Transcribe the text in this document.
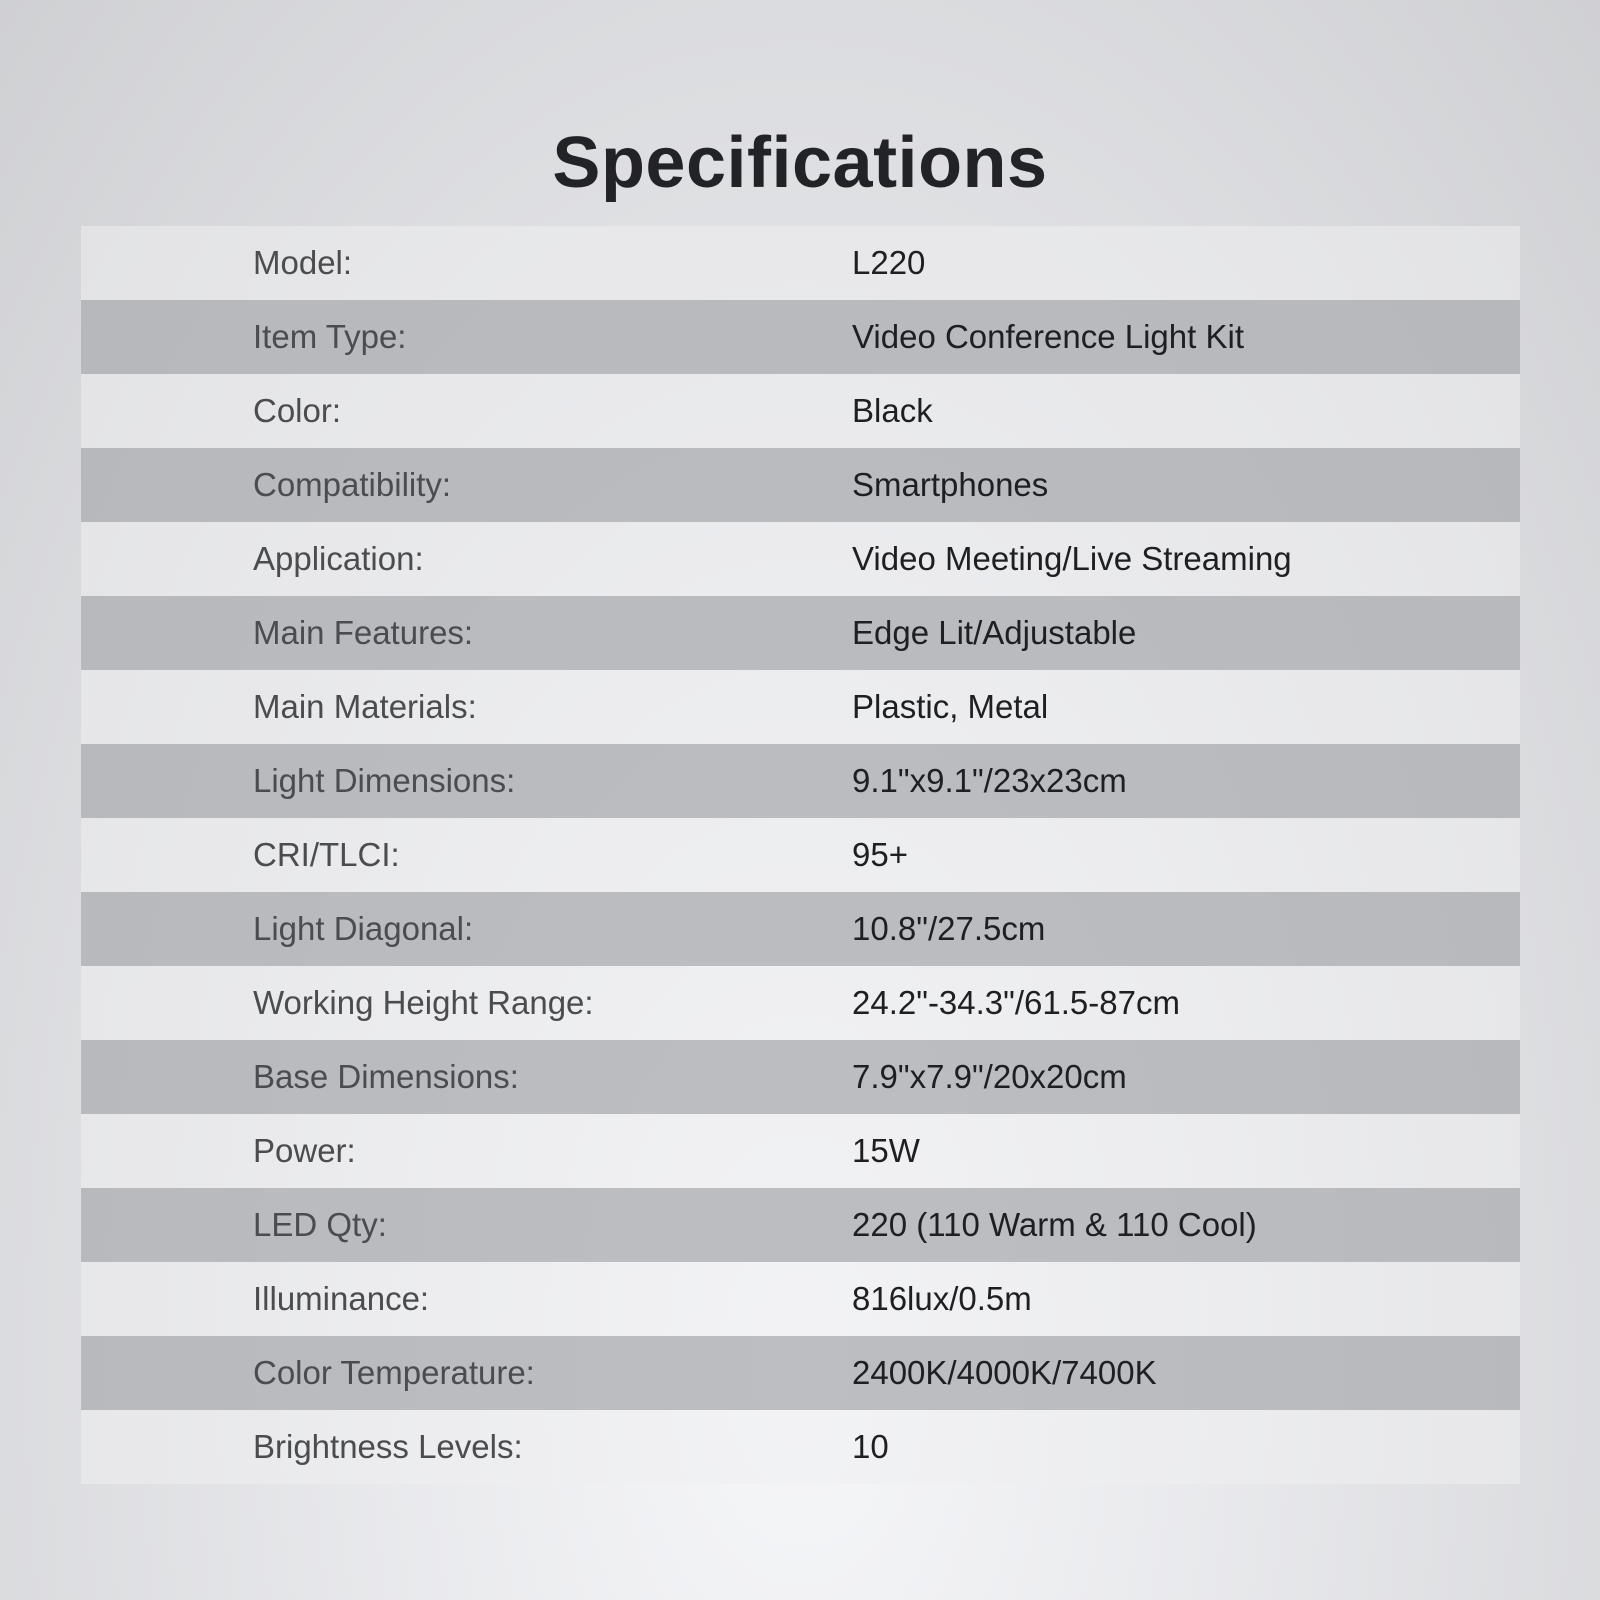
Specifications
Model:	L220
Item Type:	Video Conference Light Kit
Color:	Black
Compatibility:	Smartphones
Application:	Video Meeting/Live Streaming
Main Features:	Edge Lit/Adjustable
Main Materials:	Plastic, Metal
Light Dimensions:	9.1"x9.1"/23x23cm
CRI/TLCI:	95+
Light Diagonal:	10.8"/27.5cm
Working Height Range:	24.2"-34.3"/61.5-87cm
Base Dimensions:	7.9"x7.9"/20x20cm
Power:	15W
LED Qty:	220 (110 Warm & 110 Cool)
Illuminance:	816lux/0.5m
Color Temperature:	2400K/4000K/7400K
Brightness Levels:	10
